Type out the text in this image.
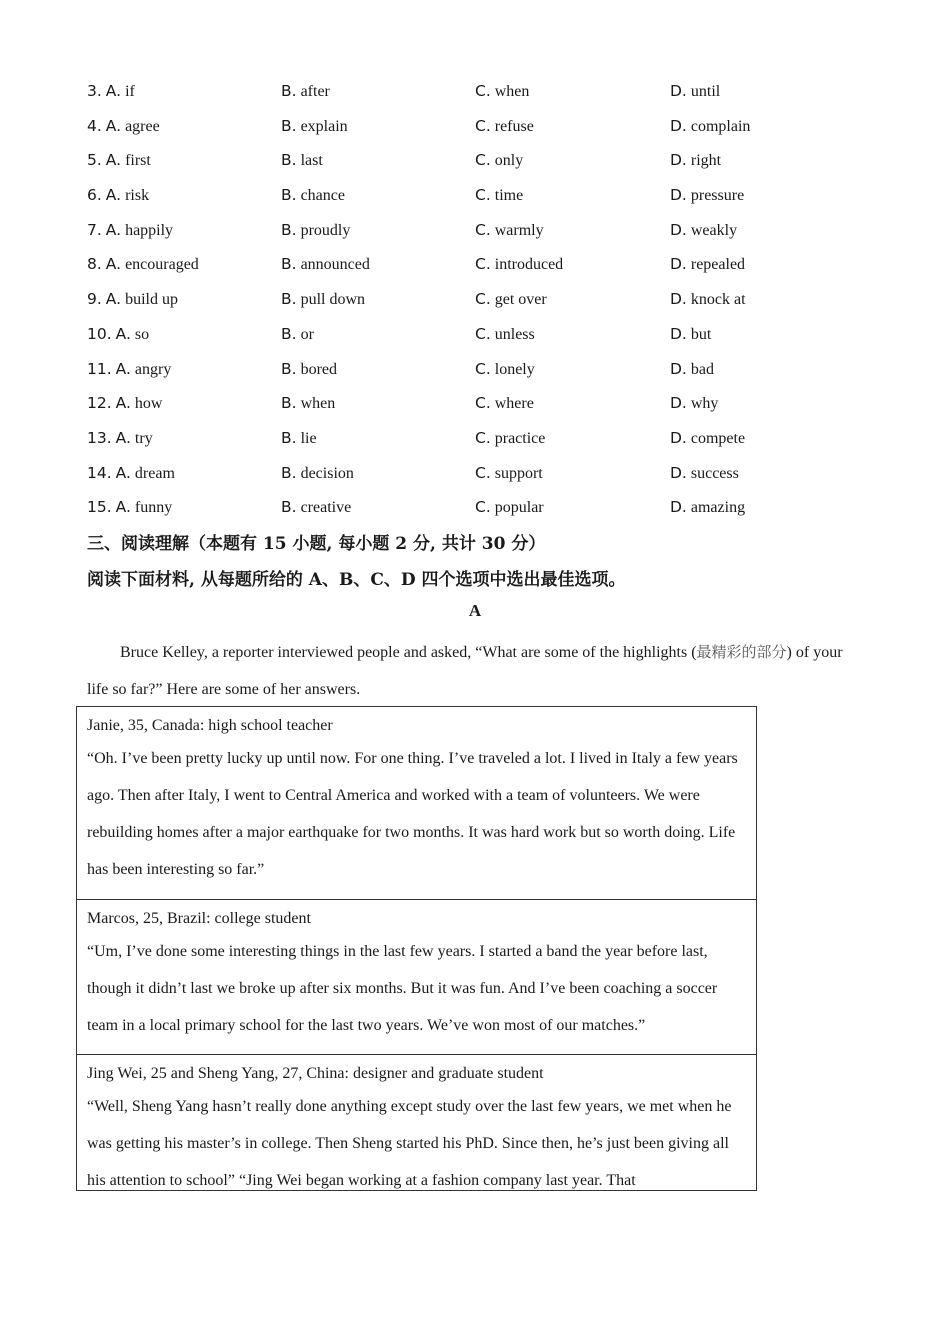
3. A. if	B. after	C. when	D. until
4. A. agree	B. explain	C. refuse	D. complain
5. A. first	B. last	C. only	D. right
6. A. risk	B. chance	C. time	D. pressure
7. A. happily	B. proudly	C. warmly	D. weakly
8. A. encouraged	B. announced	C. introduced	D. repealed
9. A. build up	B. pull down	C. get over	D. knock at
10. A. so	B. or	C. unless	D. but
11. A. angry	B. bored	C. lonely	D. bad
12. A. how	B. when	C. where	D. why
13. A. try	B. lie	C. practice	D. compete
14. A. dream	B. decision	C. support	D. success
15. A. funny	B. creative	C. popular	D. amazing
三、阅读理解（本题有 15 小题, 每小题 2 分, 共计 30 分）
阅读下面材料, 从每题所给的 A、B、C、D 四个选项中选出最佳选项。
A
Bruce Kelley, a reporter interviewed people and asked, “What are some of the highlights (最精彩的部分) of your life so far?” Here are some of her answers.
Janie, 35, Canada: high school teacher
“Oh. I’ve been pretty lucky up until now. For one thing. I’ve traveled a lot. I lived in Italy a few years ago. Then after Italy, I went to Central America and worked with a team of volunteers. We were rebuilding homes after a major earthquake for two months. It was hard work but so worth doing. Life has been interesting so far.”
Marcos, 25, Brazil: college student
“Um, I’ve done some interesting things in the last few years. I started a band the year before last, though it didn’t last we broke up after six months. But it was fun. And I’ve been coaching a soccer team in a local primary school for the last two years. We’ve won most of our matches.”
Jing Wei, 25 and Sheng Yang, 27, China: designer and graduate student
“Well, Sheng Yang hasn’t really done anything except study over the last few years, we met when he was getting his master’s in college. Then Sheng started his PhD. Since then, he’s just been giving all his attention to school” “Jing Wei began working at a fashion company last year. That
